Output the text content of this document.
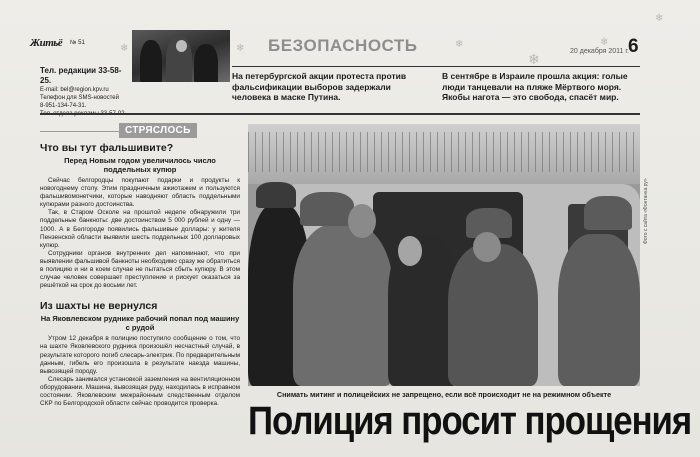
❄	❄	❄
❄
❄
❄
Житьё № 51	БЕЗОПАСНОСТЬ	20 декабря 2011 г.
6
Тел. редакции 33-58-25.
E-mail: bel@region.kpv.ru
Телефон для SMS-новостей
8-951-134-74-31.
На петербургской акции протеста против фальсификации выборов задержали человека в маске Путина.
В сентябре в Израиле прошла акция: голые люди танцевали на пляже Мёртвого моря. Якобы нагота — это свобода, спасёт мир.
СТРЯСЛОСЬ
Что вы тут фальшивите?
Перед Новым годом увеличилось число поддельных купюр

Сейчас белгородцы покупают подарки и продукты к новогоднему столу. Этим праздничным ажиотажем и пользуются фальшивомонетчики, которые наводняют область поддельными купюрами разного достоинства.

Так, в Старом Осколе на прошлой неделе обнаружили три поддельные банкноты: две достоинством 5 000 рублей и одну — 1000. А в Белгороде появились фальшивые доллары: у жителя Пензенской области выявили шесть поддельных 100 долларовых купюр.

Сотрудники органов внутренних дел напоминают, что при выявлении фальшивой банкноты необходимо сразу же обратиться в полицию и ни в коем случае не пытаться сбыть купюру. В этом случае человек совершает преступление и рискует оказаться за решёткой на срок до восьми лет.

Из шахты не вернулся
На Яковлевском руднике рабочий попал под машину с рудой

Утром 12 декабря в полицию поступило сообщение о том, что на шахте Яковлевского рудника произошёл несчастный случай, в результате которого погиб слесарь-электрик. По предварительным данным, гибель его произошла в результате наезда машины, вывозящей породу.

Слесарь занимался установкой заземления на вентиляционном оборудовании. Машина, вывозящая руду, находилась в исправном состоянии. Яковлевским межрайонным следственным отделом СКР по Белгородской области сейчас проводится проверка.

Фото с сайта «Фонтанка.ру»
Снимать митинг и полицейских не запрещено, если всё происходит не на режимном объекте
Полиция просит прощения
